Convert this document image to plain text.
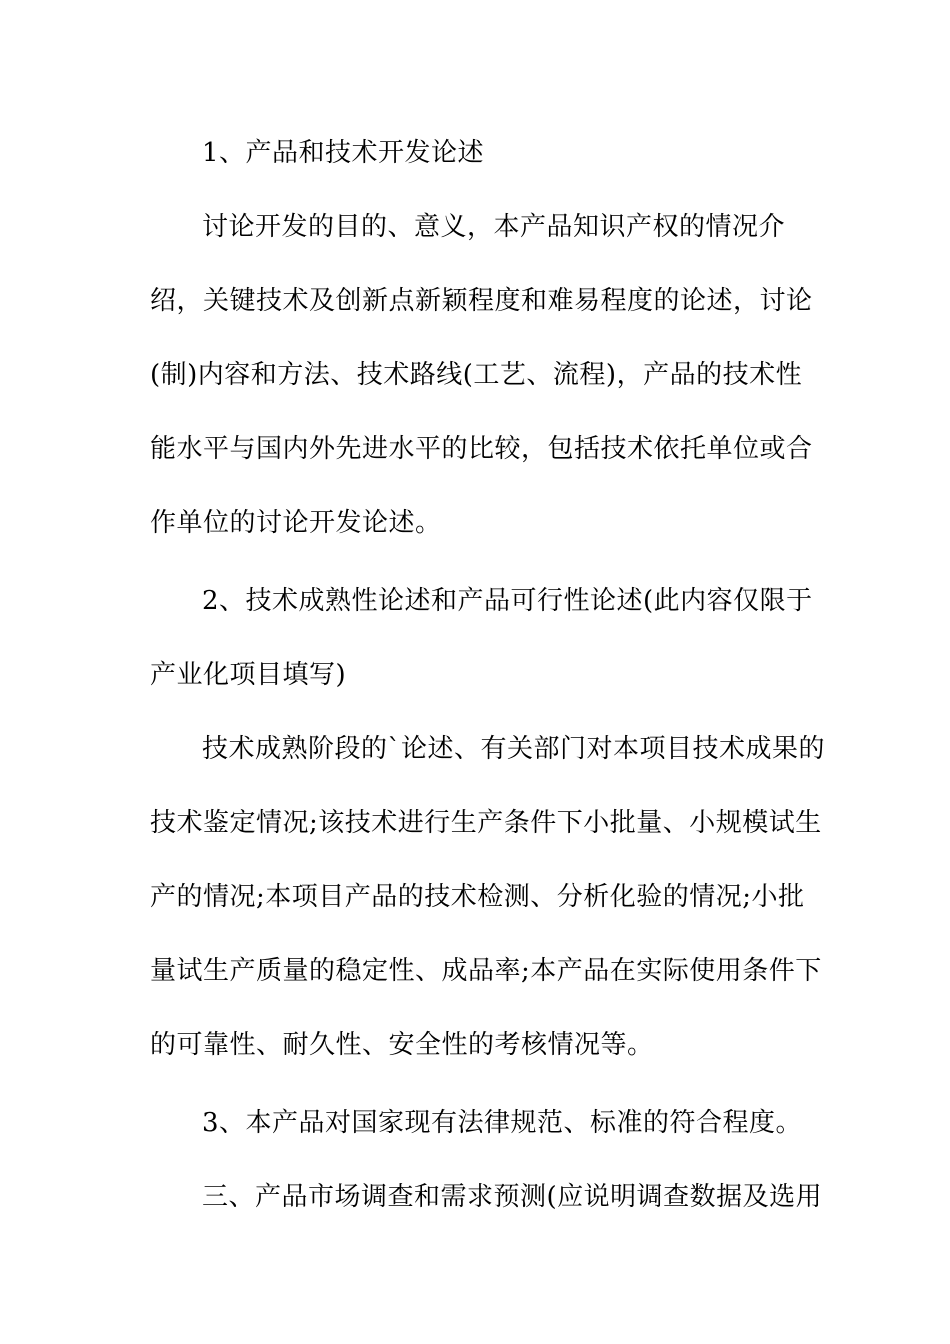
1、产品和技术开发论述
讨论开发的目的、意义，本产品知识产权的情况介
绍，关键技术及创新点新颖程度和难易程度的论述，讨论
(制)内容和方法、技术路线(工艺、流程)，产品的技术性
能水平与国内外先进水平的比较，包括技术依托单位或合
作单位的讨论开发论述。
2、技术成熟性论述和产品可行性论述(此内容仅限于
产业化项目填写)
技术成熟阶段的`论述、有关部门对本项目技术成果的
技术鉴定情况;该技术进行生产条件下小批量、小规模试生
产的情况;本项目产品的技术检测、分析化验的情况;小批
量试生产质量的稳定性、成品率;本产品在实际使用条件下
的可靠性、耐久性、安全性的考核情况等。
3、本产品对国家现有法律规范、标准的符合程度。
三、产品市场调查和需求预测(应说明调查数据及选用
